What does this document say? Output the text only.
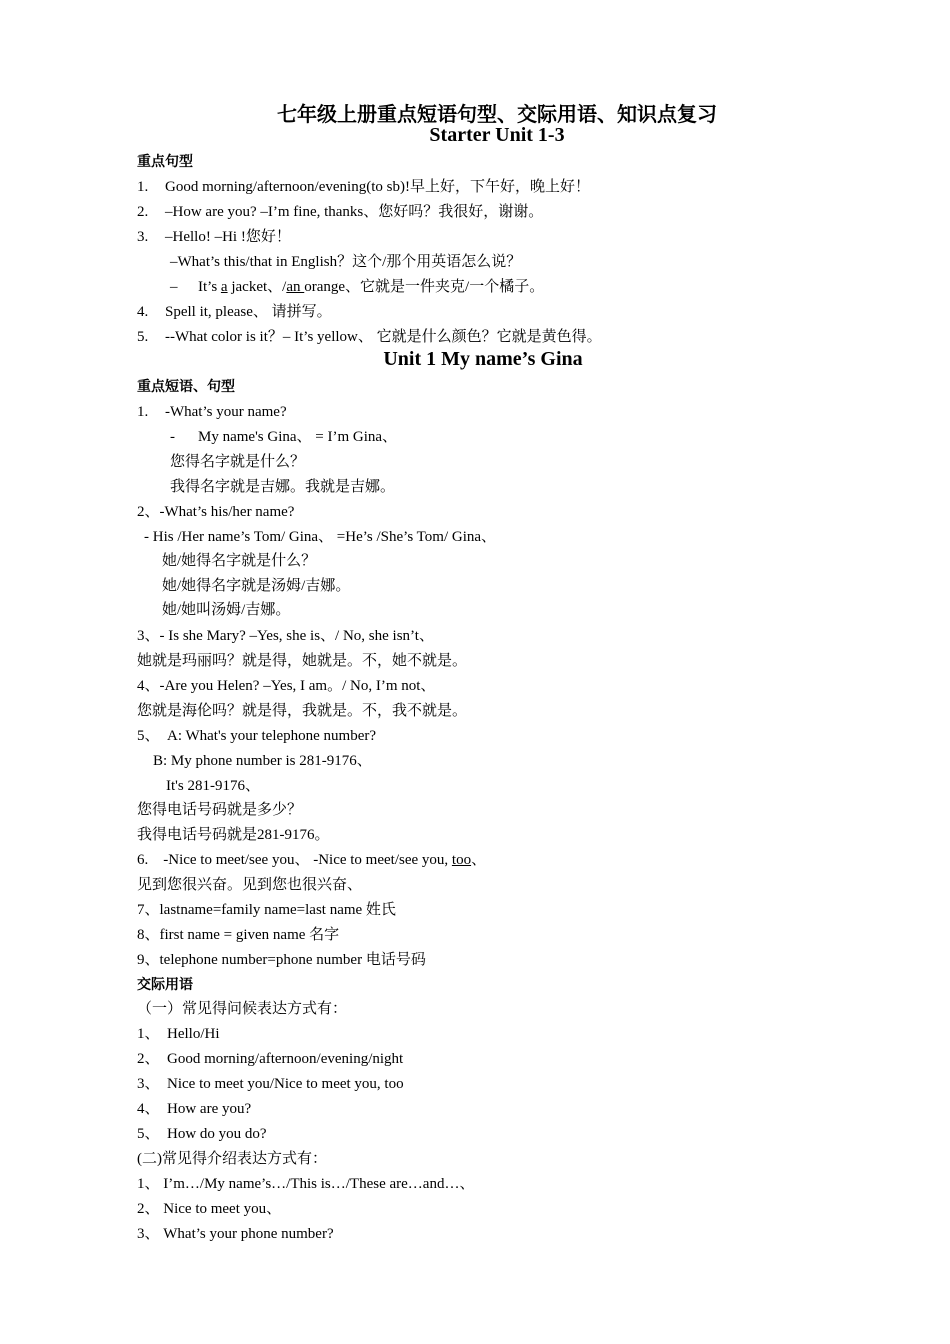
七年级上册重点短语句型、交际用语、知识点复习
Starter Unit 1-3
重点句型
1. Good morning/afternoon/evening(to sb)!早上好，下午好，晚上好！
2. –How are you? –I’m fine, thanks、您好吗？我很好，谢谢。
3. –Hello! –Hi !您好！
–What’s this/that in English？这个/那个用英语怎么说？
– It’s a jacket、/an orange、它就是一件夹克/一个橘子。
4. Spell it, please、 请拼写。
5. --What color is it？– It’s yellow、 它就是什么颜色？它就是黄色得。
Unit 1 My name’s Gina
重点短语、句型
1. -What’s your name?
- My name's Gina、 = I’m Gina、
您得名字就是什么？
我得名字就是吉娜。我就是吉娜。
2、-What’s his/her name?
- His /Her name’s Tom/ Gina、 =He’s /She’s Tom/ Gina、
她/她得名字就是什么？
她/她得名字就是汤姆/吉娜。
她/她叫汤姆/吉娜。
3、- Is she Mary? –Yes, she is、/ No, she isn’t、
她就是玛丽吗？就是得，她就是。不，她不就是。
4、-Are you Helen? –Yes, I am。/ No, I’m not、
您就是海伦吗？就是得，我就是。不，我不就是。
5、  A: What's your telephone number?
B: My phone number is 281-9176、
It's 281-9176、
您得电话号码就是多少？
我得电话号码就是281-9176。
6.    -Nice to meet/see you、 -Nice to meet/see you, too、
见到您很兴奋。见到您也很兴奋、
7、lastname=family name=last name 姓氏
8、first name = given name 名字
9、telephone number=phone number 电话号码
交际用语
（一）常见得问候表达方式有：
1、  Hello/Hi
2、  Good morning/afternoon/evening/night
3、  Nice to meet you/Nice to meet you, too
4、  How are you?
5、  How do you do?
(二)常见得介绍表达方式有：
1、 I’m…/My name’s…/This is…/These are…and…、
2、 Nice to meet you、
3、 What’s your phone number?
